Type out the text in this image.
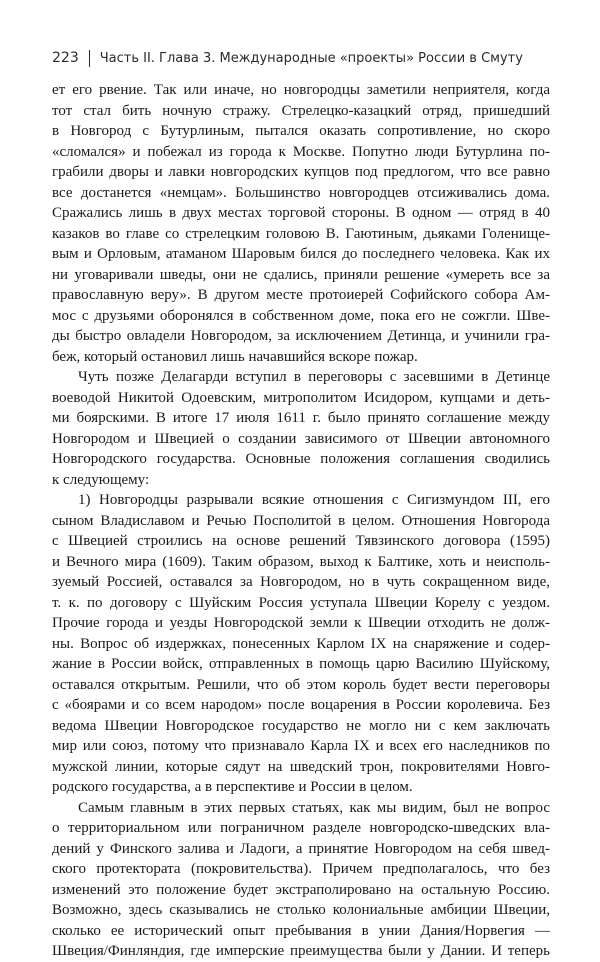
223 Часть II. Глава 3. Международные «проекты» России в Смуту
ет его рвение. Так или иначе, но новгородцы заметили неприятеля, когда
тот стал бить ночную стражу. Стрелецко-казацкий отряд, пришедший
в Новгород с Бутурлиным, пытался оказать сопротивление, но скоро
«сломался» и побежал из города к Москве. Попутно люди Бутурлина по-
грабили дворы и лавки новгородских купцов под предлогом, что все равно
все достанется «немцам». Большинство новгородцев отсиживались дома.
Сражались лишь в двух местах торговой стороны. В одном — отряд в 40
казаков во главе со стрелецким головою В. Гаютиным, дьяками Голенище-
вым и Орловым, атаманом Шаровым бился до последнего человека. Как их
ни уговаривали шведы, они не сдались, приняли решение «умереть все за
православную веру». В другом месте протоиерей Софийского собора Ам-
мос с друзьями оборонялся в собственном доме, пока его не сожгли. Шве-
ды быстро овладели Новгородом, за исключением Детинца, и учинили гра-
беж, который остановил лишь начавшийся вскоре пожар.
Чуть позже Делагарди вступил в переговоры с засевшими в Детинце
воеводой Никитой Одоевским, митрополитом Исидором, купцами и деть-
ми боярскими. В итоге 17 июля 1611 г. было принято соглашение между
Новгородом и Швецией о создании зависимого от Швеции автономного
Новгородского государства. Основные положения соглашения сводились
к следующему:
1) Новгородцы разрывали всякие отношения с Сигизмундом III, его
сыном Владиславом и Речью Посполитой в целом. Отношения Новгорода
с Швецией строились на основе решений Тявзинского договора (1595)
и Вечного мира (1609). Таким образом, выход к Балтике, хоть и неисполь-
зуемый Россией, оставался за Новгородом, но в чуть сокращенном виде,
т. к. по договору с Шуйским Россия уступала Швеции Корелу с уездом.
Прочие города и уезды Новгородской земли к Швеции отходить не долж-
ны. Вопрос об издержках, понесенных Карлом IX на снаряжение и содер-
жание в России войск, отправленных в помощь царю Василию Шуйскому,
оставался открытым. Решили, что об этом король будет вести переговоры
с «боярами и со всем народом» после воцарения в России королевича. Без
ведома Швеции Новгородское государство не могло ни с кем заключать
мир или союз, потому что признавало Карла IX и всех его наследников по
мужской линии, которые сядут на шведский трон, покровителями Новго-
родского государства, а в перспективе и России в целом.
Самым главным в этих первых статьях, как мы видим, был не вопрос
о территориальном или пограничном разделе новгородско-шведских вла-
дений у Финского залива и Ладоги, а принятие Новгородом на себя швед-
ского протектората (покровительства). Причем предполагалось, что без
изменений это положение будет экстраполировано на остальную Россию.
Возможно, здесь сказывались не столько колониальные амбиции Швеции,
сколько ее исторический опыт пребывания в унии Дания/Норвегия —
Швеция/Финляндия, где имперские преимущества были у Дании. И теперь
